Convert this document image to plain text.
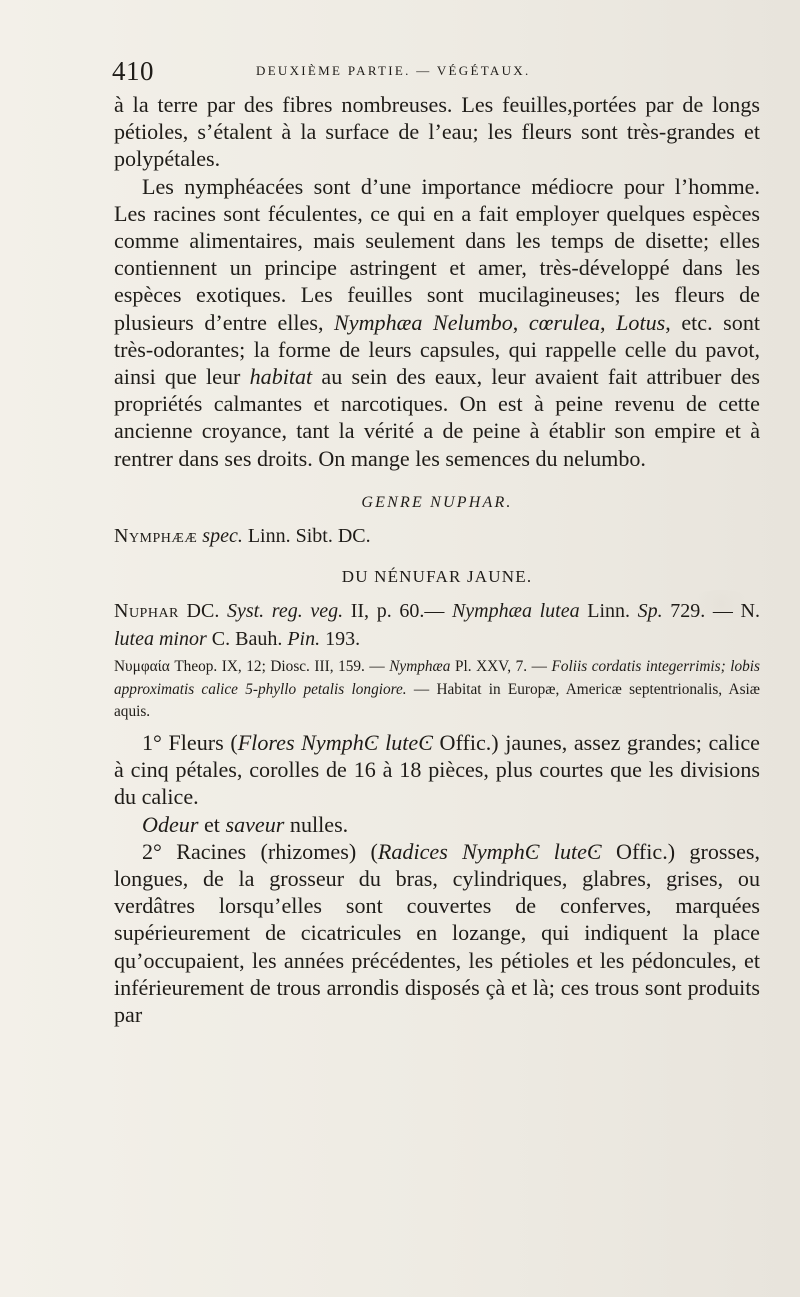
410	DEUXIÈME PARTIE. — VÉGÉTAUX.

à la terre par des fibres nombreuses. Les feuilles,portées par de longs pétioles, s’étalent à la surface de l’eau; les fleurs sont très-grandes et polypétales.

Les nymphéacées sont d’une importance médiocre pour l’homme. Les racines sont féculentes, ce qui en a fait employer quelques espèces comme alimentaires, mais seulement dans les temps de disette; elles contiennent un principe astringent et amer, très-développé dans les espèces exotiques. Les feuilles sont mucilagineuses; les fleurs de plusieurs d’entre elles, Nymphæa Nelumbo, cœrulea, Lotus, etc. sont très-odorantes; la forme de leurs capsules, qui rappelle celle du pavot, ainsi que leur habitat au sein des eaux, leur avaient fait attribuer des propriétés calmantes et narcotiques. On est à peine revenu de cette ancienne croyance, tant la vérité a de peine à établir son empire et à rentrer dans ses droits. On mange les semences du nelumbo.

GENRE NUPHAR.
Nymphææ spec. Linn. Sibt. DC.
DU NÉNUFAR JAUNE.

Nuphar DC. Syst. reg. veg. II, p. 60.— Nymphæa lutea Linn. Sp. 729. — N. lutea minor C. Bauh. Pin. 193.

Νυμφαία Theop. IX, 12; Diosc. III, 159. — Nymphæa Pl. XXV, 7. — Foliis cordatis integerrimis; lobis approximatis calice 5-phyllo petalis longiore. — Habitat in Europæ, Americæ septentrionalis, Asiæ aquis.

1° Fleurs (Flores NymphϾ luteϾ Offic.) jaunes, assez grandes; calice à cinq pétales, corolles de 16 à 18 pièces, plus courtes que les divisions du calice.

Odeur et saveur nulles.

2° Racines (rhizomes) (Radices NymphϾ luteϾ Offic.) grosses, longues, de la grosseur du bras, cylindriques, glabres, grises, ou verdâtres lorsqu’elles sont couvertes de conferves, marquées supérieurement de cicatricules en lozange, qui indiquent la place qu’occupaient, les années précédentes, les pétioles et les pédoncules, et inférieurement de trous arrondis disposés çà et là; ces trous sont produits par
